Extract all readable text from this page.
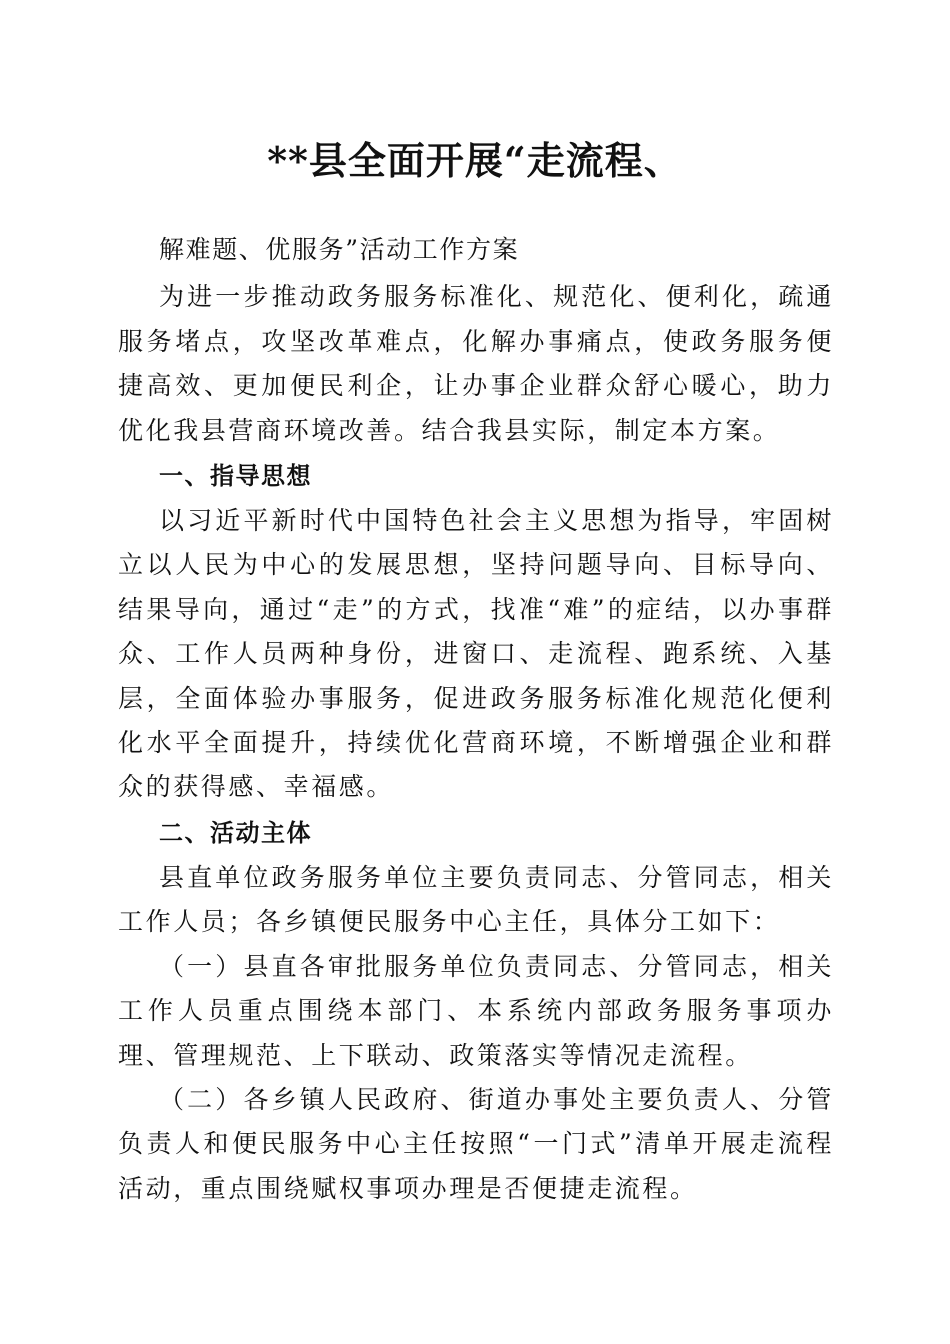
**县全面开展“走流程、

解难题、优服务”活动工作方案

为进一步推动政务服务标准化、规范化、便利化，疏通服务堵点，攻坚改革难点，化解办事痛点，使政务服务便捷高效、更加便民利企，让办事企业群众舒心暖心，助力优化我县营商环境改善。结合我县实际，制定本方案。

一、指导思想

以习近平新时代中国特色社会主义思想为指导，牢固树立以人民为中心的发展思想，坚持问题导向、目标导向、结果导向，通过“走”的方式，找准“难”的症结，以办事群众、工作人员两种身份，进窗口、走流程、跑系统、入基层，全面体验办事服务，促进政务服务标准化规范化便利化水平全面提升，持续优化营商环境，不断增强企业和群众的获得感、幸福感。

二、活动主体

县直单位政务服务单位主要负责同志、分管同志，相关工作人员；各乡镇便民服务中心主任，具体分工如下：

（一）县直各审批服务单位负责同志、分管同志，相关工作人员重点围绕本部门、本系统内部政务服务事项办理、管理规范、上下联动、政策落实等情况走流程。

（二）各乡镇人民政府、街道办事处主要负责人、分管负责人和便民服务中心主任按照“一门式”清单开展走流程活动，重点围绕赋权事项办理是否便捷走流程。
